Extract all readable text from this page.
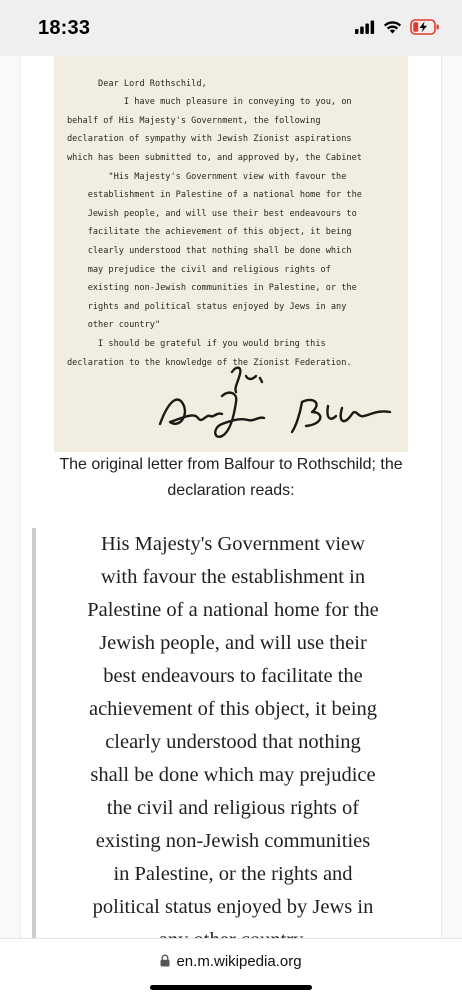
18:33

Dear Lord Rothschild,
I have much pleasure in conveying to you, on
behalf of His Majesty's Government, the following
declaration of sympathy with Jewish Zionist aspirations
which has been submitted to, and approved by, the Cabinet
"His Majesty's Government view with favour the
establishment in Palestine of a national home for the
Jewish people, and will use their best endeavours to
facilitate the achievement of this object, it being
clearly understood that nothing shall be done which
may prejudice the civil and religious rights of
existing non-Jewish communities in Palestine, or the
rights and political status enjoyed by Jews in any
other country"
I should be grateful if you would bring this
declaration to the knowledge of the Zionist Federation.

The original letter from Balfour to Rothschild; the declaration reads:
His Majesty's Government view
with favour the establishment in
Palestine of a national home for the
Jewish people, and will use their
best endeavours to facilitate the
achievement of this object, it being
clearly understood that nothing
shall be done which may prejudice
the civil and religious rights of
existing non-Jewish communities
in Palestine, or the rights and
political status enjoyed by Jews in
en.m.wikipedia.org
